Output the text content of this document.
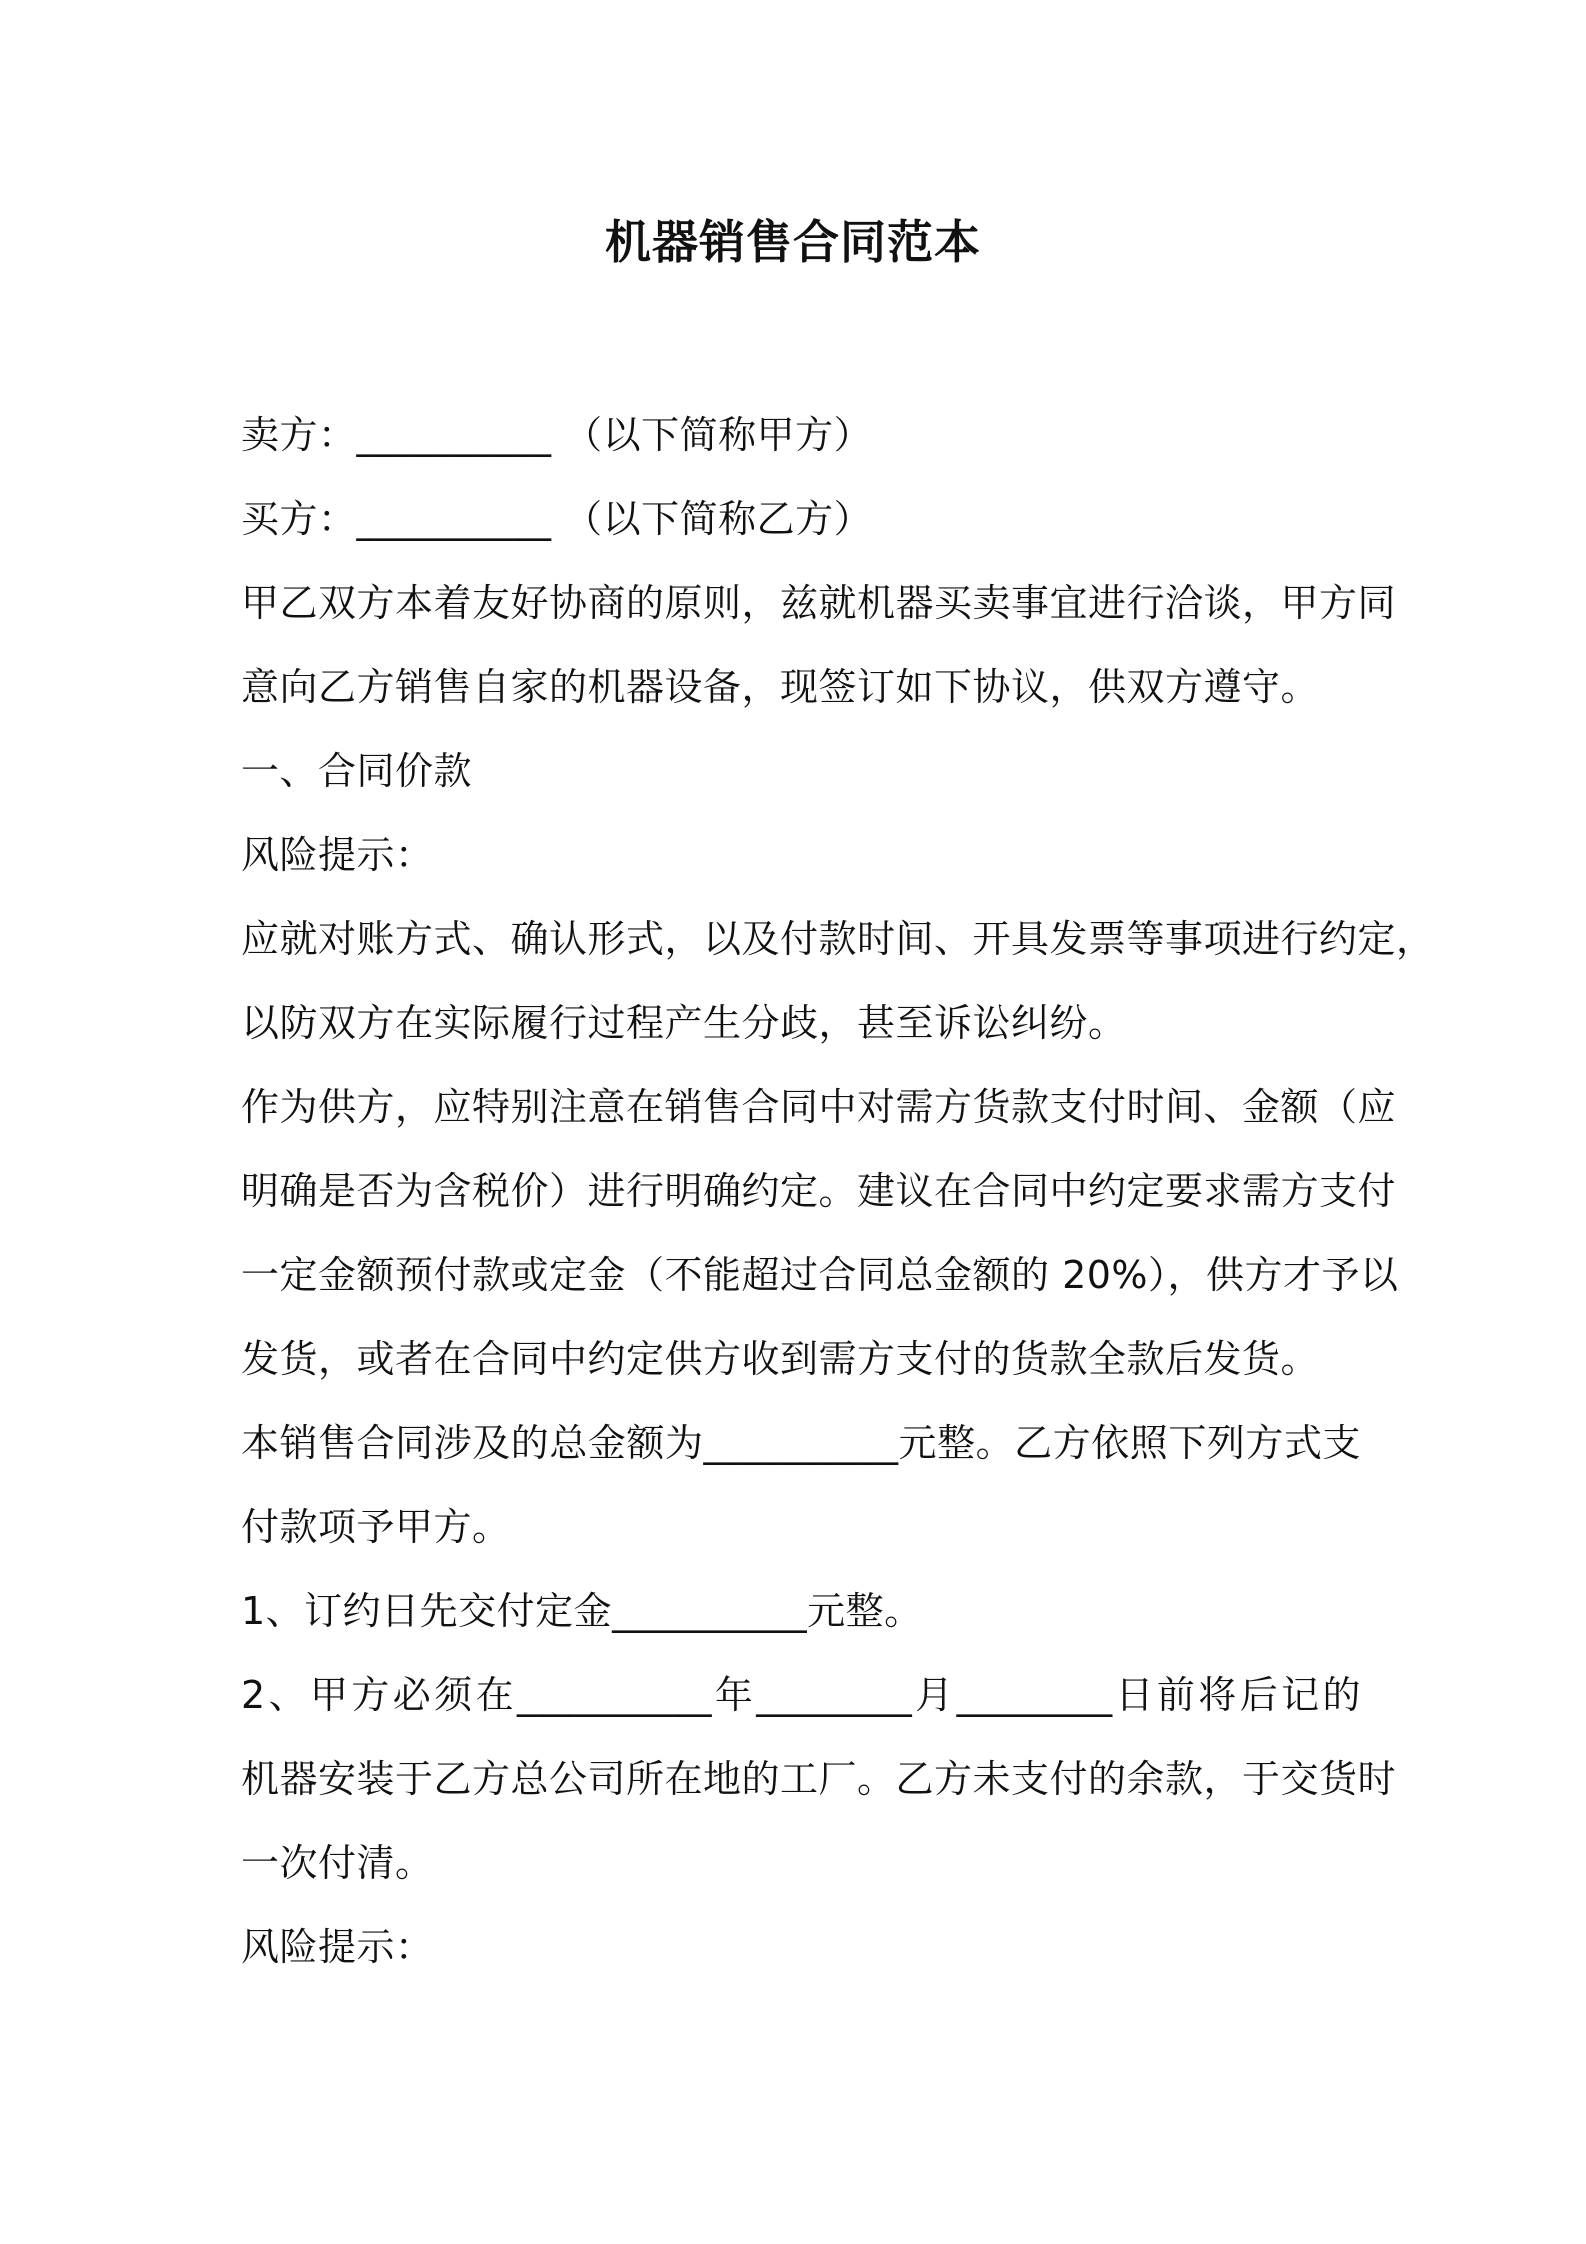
机器销售合同范本
卖方：__________ （以下简称甲方）
买方：__________ （以下简称乙方）
甲乙双方本着友好协商的原则，兹就机器买卖事宜进行洽谈，甲方同
意向乙方销售自家的机器设备，现签订如下协议，供双方遵守。
一、合同价款
风险提示：
应就对账方式、确认形式，以及付款时间、开具发票等事项进行约定，
以防双方在实际履行过程产生分歧，甚至诉讼纠纷。
作为供方，应特别注意在销售合同中对需方货款支付时间、金额（应
明确是否为含税价）进行明确约定。建议在合同中约定要求需方支付
一定金额预付款或定金（不能超过合同总金额的 20%），供方才予以
发货，或者在合同中约定供方收到需方支付的货款全款后发货。
本销售合同涉及的总金额为__________元整。乙方依照下列方式支
付款项予甲方。
1、订约日先交付定金__________元整。
2、甲方必须在__________年________月________日前将后记的
机器安装于乙方总公司所在地的工厂。乙方未支付的余款，于交货时
一次付清。
风险提示：
